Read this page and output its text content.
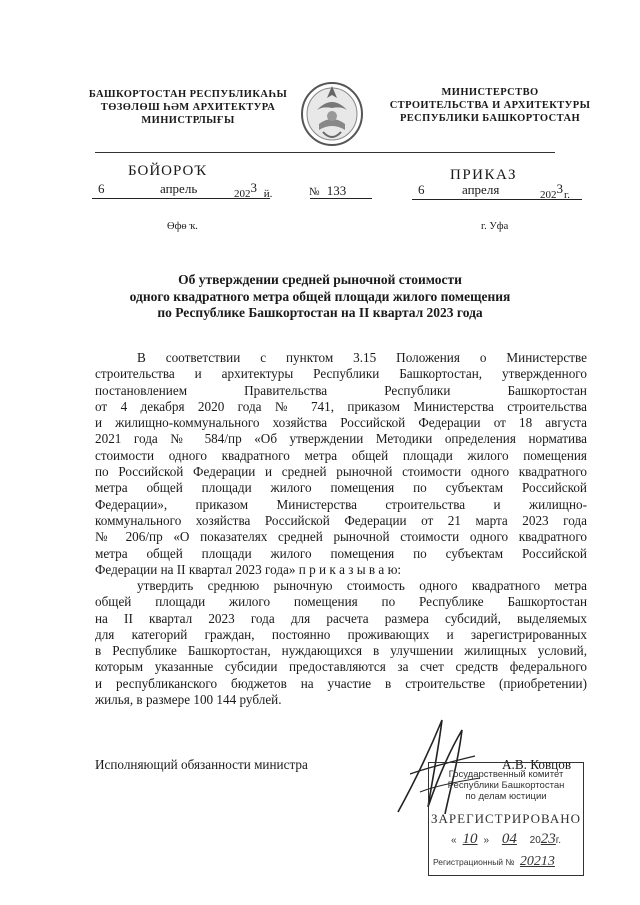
БАШКОРТОСТАН РЕСПУБЛИКАҺЫ
ТӨЗӨЛӨШ ҺӘМ АРХИТЕКТУРА
МИНИСТРЛЫҒЫ
МИНИСТЕРСТВО
СТРОИТЕЛЬСТВА И АРХИТЕКТУРЫ
РЕСПУБЛИКИ БАШКОРТОСТАН
БОЙОРОҠ
6	апрель	2023 й.	№ 133
ПРИКАЗ
6	апреля	2023г.
Өфө ҡ.	г. Уфа
Об утверждении средней рыночной стоимости
одного квадратного метра общей площади жилого помещения
по Республике Башкортостан на II квартал 2023 года
В соответствии с пунктом 3.15 Положения о Министерстве
строительства и архитектуры Республики Башкортостан, утвержденного
постановлением Правительства Республики Башкортостан
от 4 декабря 2020 года № 741, приказом Министерства строительства
и жилищно-коммунального хозяйства Российской Федерации от 18 августа
2021 года № 584/пр «Об утверждении Методики определения норматива
стоимости одного квадратного метра общей площади жилого помещения
по Российской Федерации и средней рыночной стоимости одного квадратного
метра общей площади жилого помещения по субъектам Российской
Федерации», приказом Министерства строительства и жилищно-
коммунального хозяйства Российской Федерации от 21 марта 2023 года
№ 206/пр «О показателях средней рыночной стоимости одного квадратного
метра общей площади жилого помещения по субъектам Российской
Федерации на II квартал 2023 года» п р и к а з ы в а ю:
утвердить среднюю рыночную стоимость одного квадратного метра
общей площади жилого помещения по Республике Башкортостан
на II квартал 2023 года для расчета размера субсидий, выделяемых
для категорий граждан, постоянно проживающих и зарегистрированных
в Республике Башкортостан, нуждающихся в улучшении жилищных условий,
которым указанные субсидии предоставляются за счет средств федерального
и республиканского бюджетов на участие в строительстве (приобретении)
жилья, в размере 100 144 рублей.
Исполняющий обязанности министра	А.В. Ковцов
Государственный комитет
Республики Башкортостан
по делам юстиции
ЗАРЕГИСТРИРОВАНО
« 10 » 04 2023г.
Регистрационный № 20213
